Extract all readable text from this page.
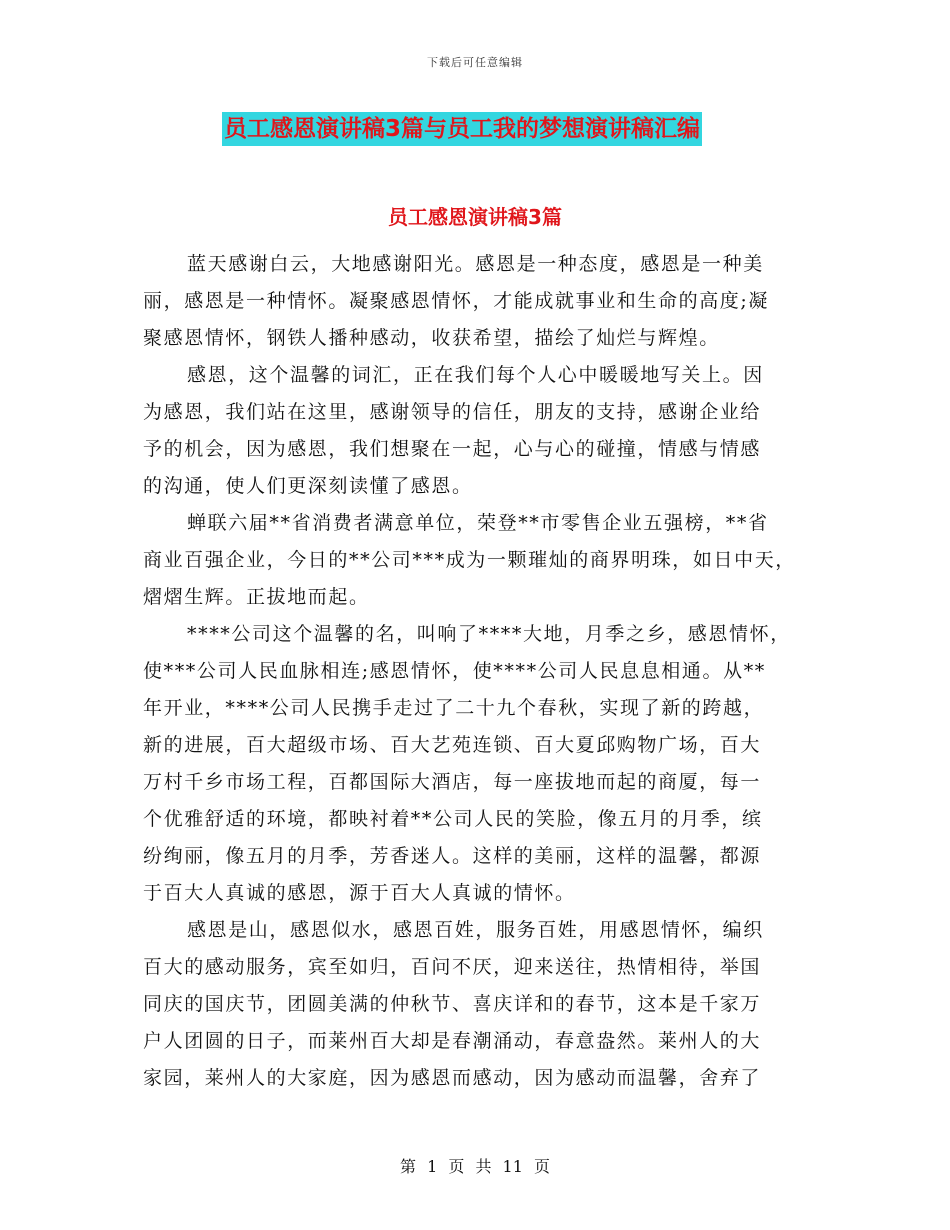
下载后可任意编辑
员工感恩演讲稿3篇与员工我的梦想演讲稿汇编
员工感恩演讲稿3篇
蓝天感谢白云，大地感谢阳光。感恩是一种态度，感恩是一种美
丽，感恩是一种情怀。凝聚感恩情怀，才能成就事业和生命的高度;凝
聚感恩情怀，钢铁人播种感动，收获希望，描绘了灿烂与辉煌。
感恩，这个温馨的词汇，正在我们每个人心中暖暖地写关上。因
为感恩，我们站在这里，感谢领导的信任，朋友的支持，感谢企业给
予的机会，因为感恩，我们想聚在一起，心与心的碰撞，情感与情感
的沟通，使人们更深刻读懂了感恩。
蝉联六届**省消费者满意单位，荣登**市零售企业五强榜，**省
商业百强企业，今日的**公司***成为一颗璀灿的商界明珠，如日中天，
熠熠生辉。正拔地而起。
****公司这个温馨的名，叫响了****大地，月季之乡，感恩情怀，
使***公司人民血脉相连;感恩情怀，使****公司人民息息相通。从**
年开业，****公司人民携手走过了二十九个春秋，实现了新的跨越，
新的进展，百大超级市场、百大艺苑连锁、百大夏邱购物广场，百大
万村千乡市场工程，百都国际大酒店，每一座拔地而起的商厦，每一
个优雅舒适的环境，都映衬着**公司人民的笑脸，像五月的月季，缤
纷绚丽，像五月的月季，芳香迷人。这样的美丽，这样的温馨，都源
于百大人真诚的感恩，源于百大人真诚的情怀。
感恩是山，感恩似水，感恩百姓，服务百姓，用感恩情怀，编织
百大的感动服务，宾至如归，百问不厌，迎来送往，热情相待，举国
同庆的国庆节，团圆美满的仲秋节、喜庆详和的春节，这本是千家万
户人团圆的日子，而莱州百大却是春潮涌动，春意盎然。莱州人的大
家园，莱州人的大家庭，因为感恩而感动，因为感动而温馨，舍弃了
第 1 页 共 11 页
